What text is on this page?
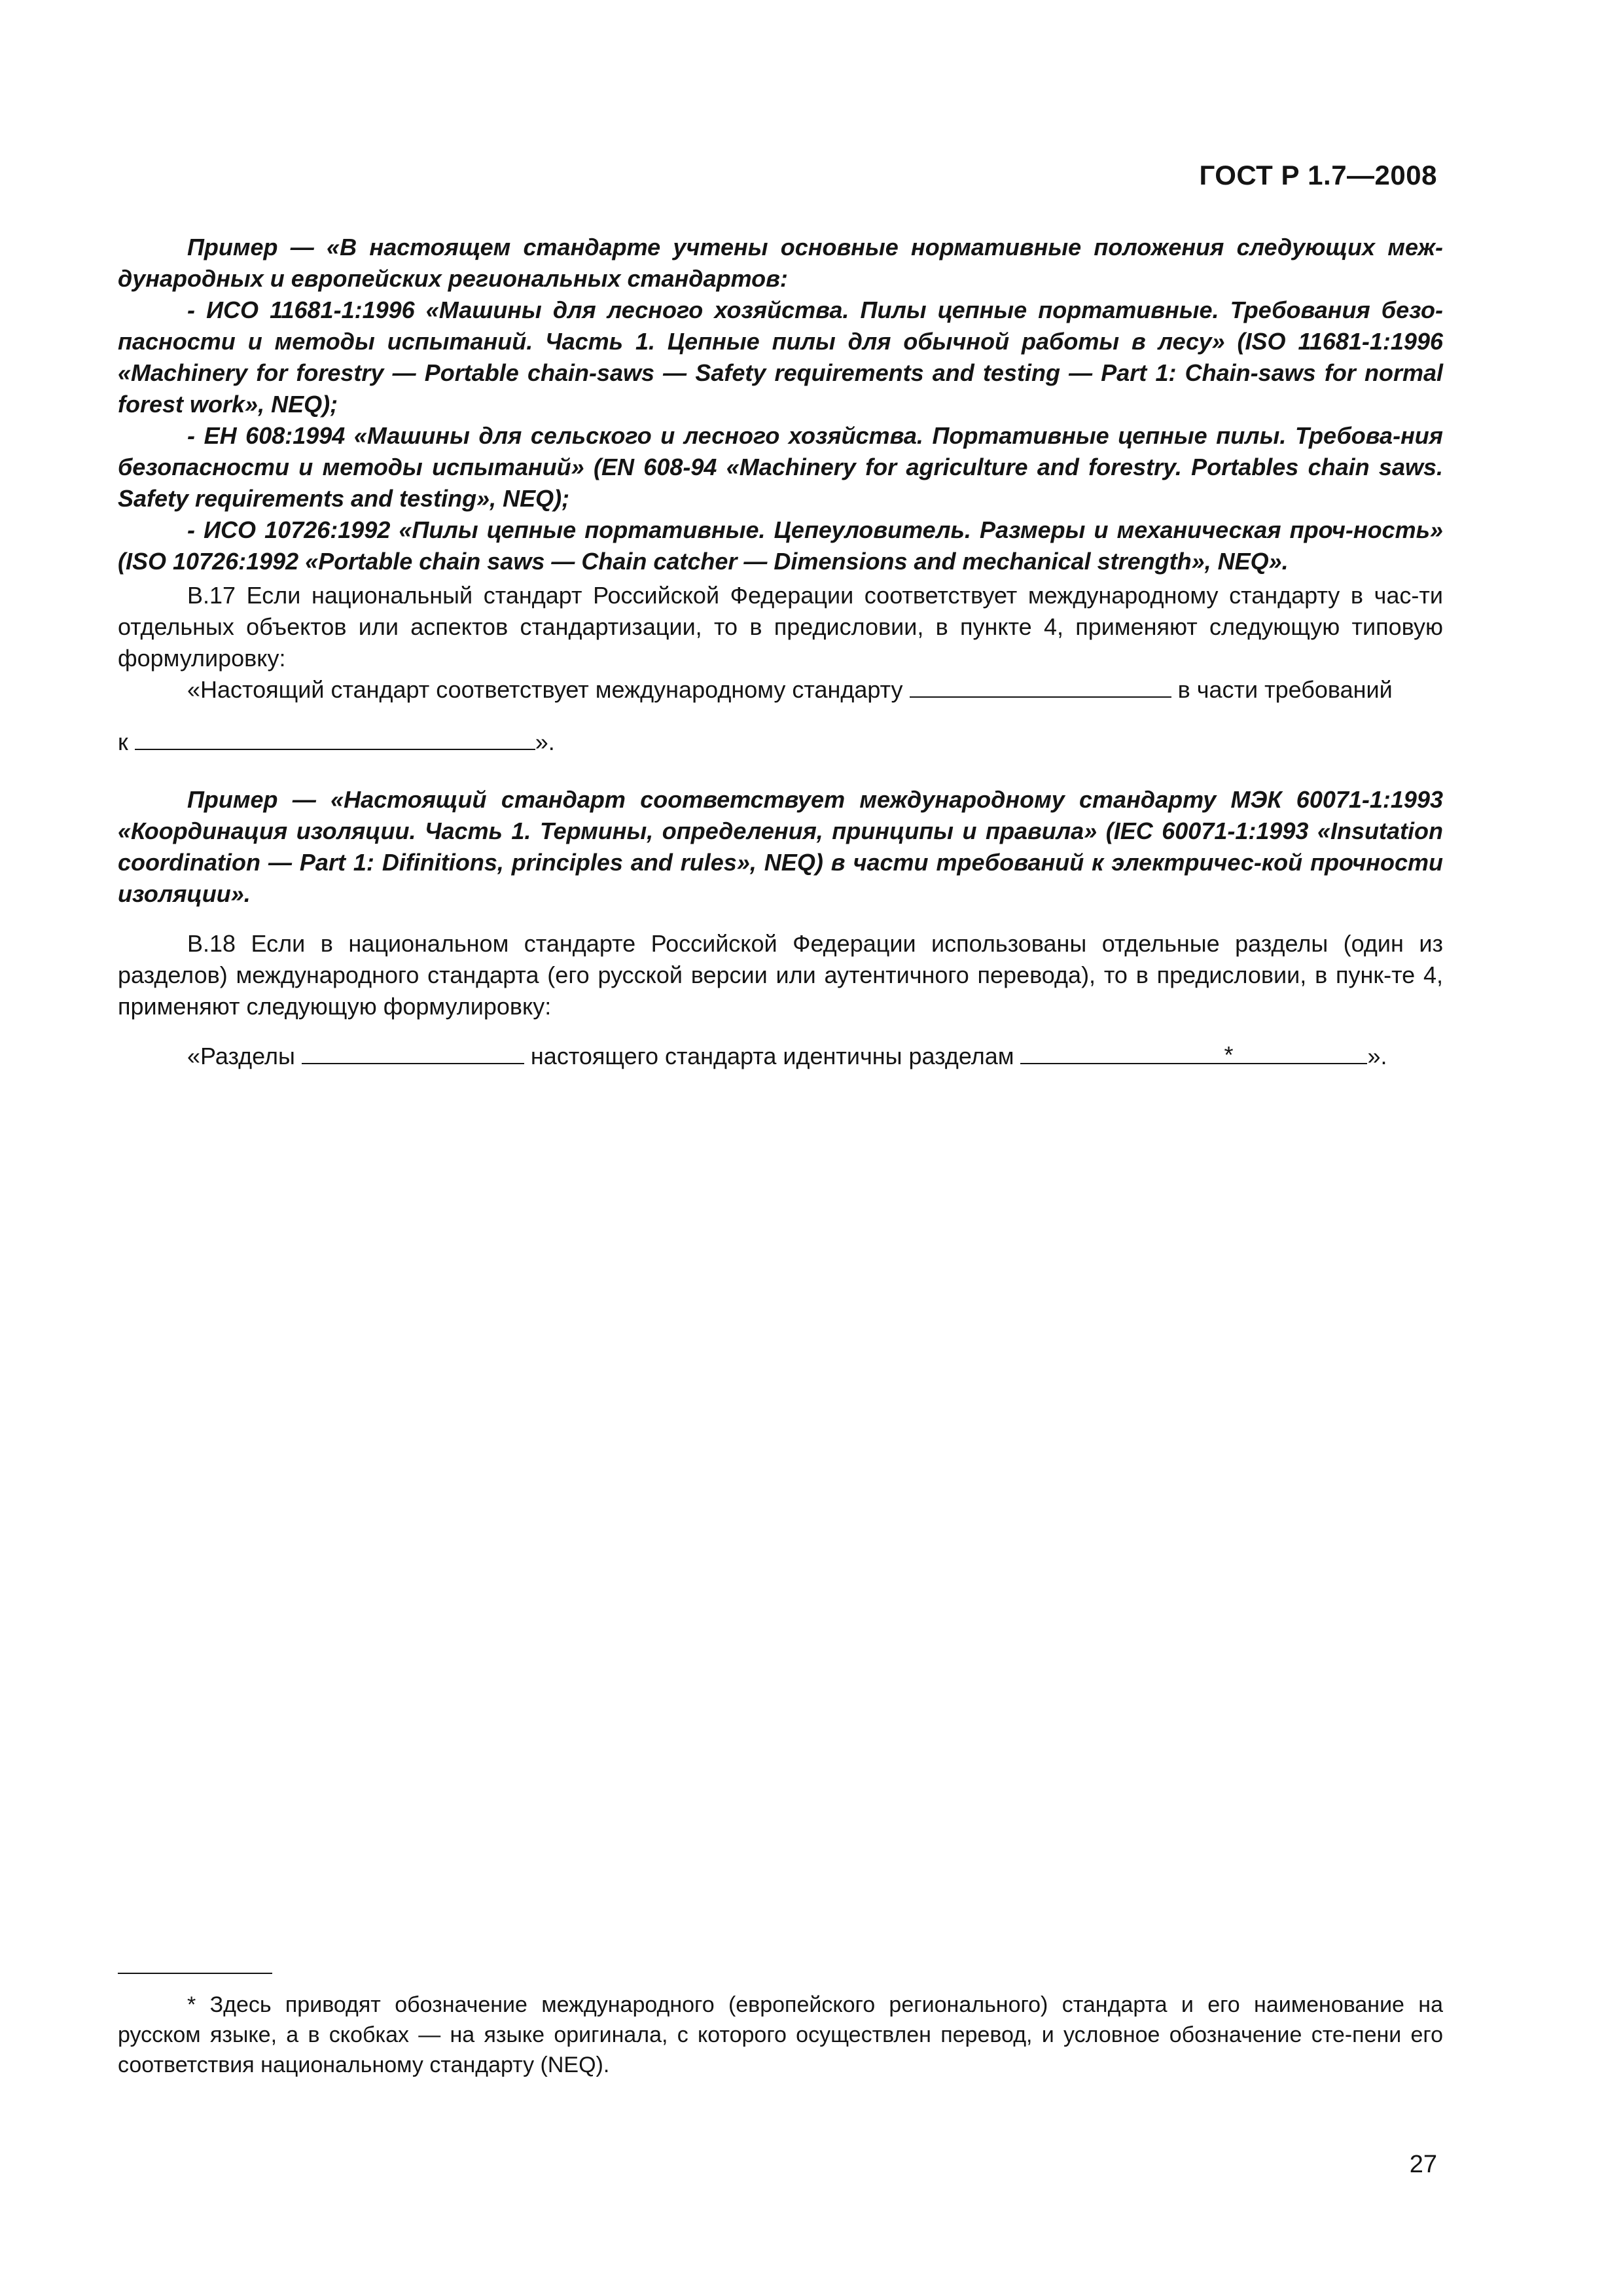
ГОСТ Р 1.7—2008

Пример — «В настоящем стандарте учтены основные нормативные положения следующих меж-дународных и европейских региональных стандартов:

- ИСО 11681-1:1996 «Машины для лесного хозяйства. Пилы цепные портативные. Требования безо-пасности и методы испытаний. Часть 1. Цепные пилы для обычной работы в лесу» (ISO 11681-1:1996 «Machinery for forestry — Portable chain-saws — Safety requirements and testing — Part 1: Chain-saws for normal forest work», NEQ);

- ЕН 608:1994 «Машины для сельского и лесного хозяйства. Портативные цепные пилы. Требова-ния безопасности и методы испытаний» (EN 608-94 «Machinery for agriculture and forestry. Portables chain saws. Safety requirements and testing», NEQ);

- ИСО 10726:1992 «Пилы цепные портативные. Цепеуловитель. Размеры и механическая проч-ность» (ISO 10726:1992 «Portable chain saws — Chain catcher — Dimensions and mechanical strength», NEQ».

В.17 Если национальный стандарт Российской Федерации соответствует международному стандарту в час-ти отдельных объектов или аспектов стандартизации, то в предисловии, в пункте 4, применяют следующую типовую формулировку:

«Настоящий стандарт соответствует международному стандарту	в части требований

к	».

Пример — «Настоящий стандарт соответствует международному стандарту МЭК 60071-1:1993 «Координация изоляции. Часть 1. Термины, определения, принципы и правила» (IEC 60071-1:1993 «Insutation coordination — Part 1: Difinitions, principles and rules», NEQ) в части требований к электричес-кой прочности изоляции».

В.18 Если в национальном стандарте Российской Федерации использованы отдельные разделы (один из разделов) международного стандарта (его русской версии или аутентичного перевода), то в предисловии, в пунк-те 4, применяют следующую формулировку:

«Разделы	настоящего стандарта идентичны разделам	*	».

* Здесь приводят обозначение международного (европейского регионального) стандарта и его наименование на русском языке, а в скобках — на языке оригинала, с которого осуществлен перевод, и условное обозначение сте-пени его соответствия национальному стандарту (NEQ).

27
